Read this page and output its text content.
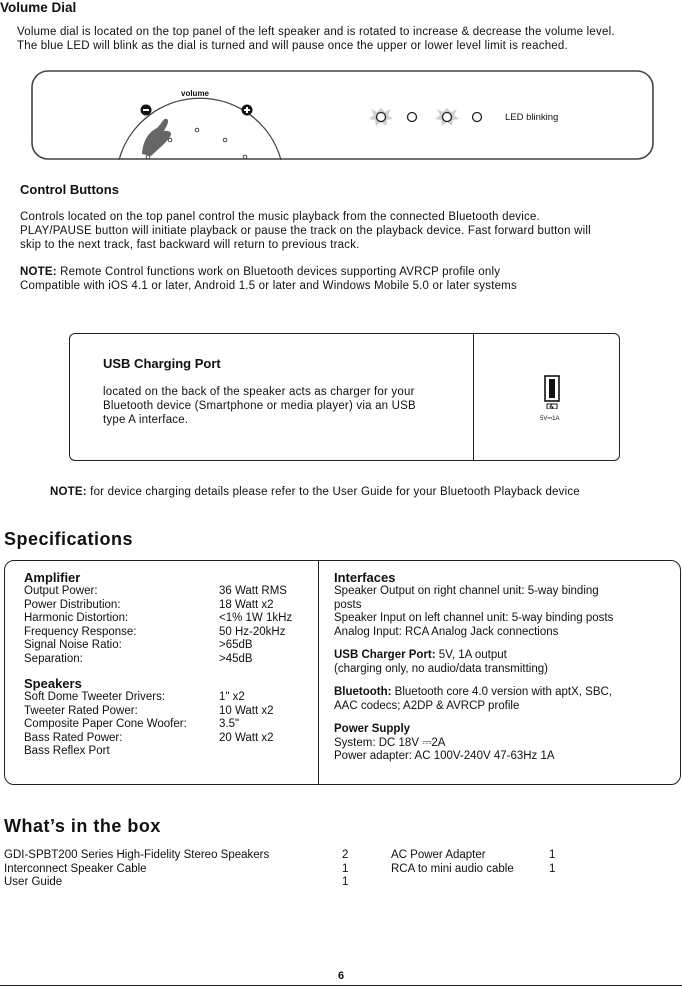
Volume Dial
Volume dial is located on the top panel of the left speaker and is rotated to increase & decrease the volume level.
The blue LED will blink as the dial is turned and will pause once the upper or lower level limit is reached.
volume
LED blinking
Control Buttons
Controls located on the top panel control the music playback from the connected Bluetooth device.
PLAY/PAUSE button will initiate playback or pause the track on the playback device. Fast forward button will
skip to the next track, fast backward will return to previous track.
NOTE: Remote Control functions work on Bluetooth devices supporting AVRCP profile only
Compatible with iOS 4.1 or later, Android 1.5 or later and Windows Mobile 5.0 or later systems
USB Charging Port
located on the back of the speaker acts as charger for your
Bluetooth device (Smartphone or media player) via an USB
type A interface.	5V⎓1A
NOTE: for device charging details please refer to the User Guide for your Bluetooth Playback device
Specifications
Amplifier
Output Power:	36 Watt RMS
Power Distribution:	18 Watt x2
Harmonic Distortion:	<1% 1W 1kHz
Frequency Response:	50 Hz-20kHz
Signal Noise Ratio:	>65dB
Separation:	>45dB
Speakers
Soft Dome Tweeter Drivers:	1" x2
Tweeter Rated Power:	10 Watt x2
Composite Paper Cone Woofer:	3.5"
Bass Rated Power:	20 Watt x2
Bass Reflex Port
Interfaces
Speaker Output on right channel unit: 5-way binding
posts
Speaker Input on left channel unit: 5-way binding posts
Analog Input: RCA Analog Jack connections
USB Charger Port: 5V, 1A output
(charging only, no audio/data transmitting)
Bluetooth: Bluetooth core 4.0 version with aptX, SBC,
AAC codecs; A2DP & AVRCP profile
Power Supply
System: DC 18V ⎓2A
Power adapter: AC 100V-240V 47-63Hz 1A
What’s in the box
GDI-SPBT200 Series High-Fidelity Stereo Speakers	2
Interconnect Speaker Cable	1
User Guide	1
AC Power Adapter	1
RCA to mini audio cable	1
6
